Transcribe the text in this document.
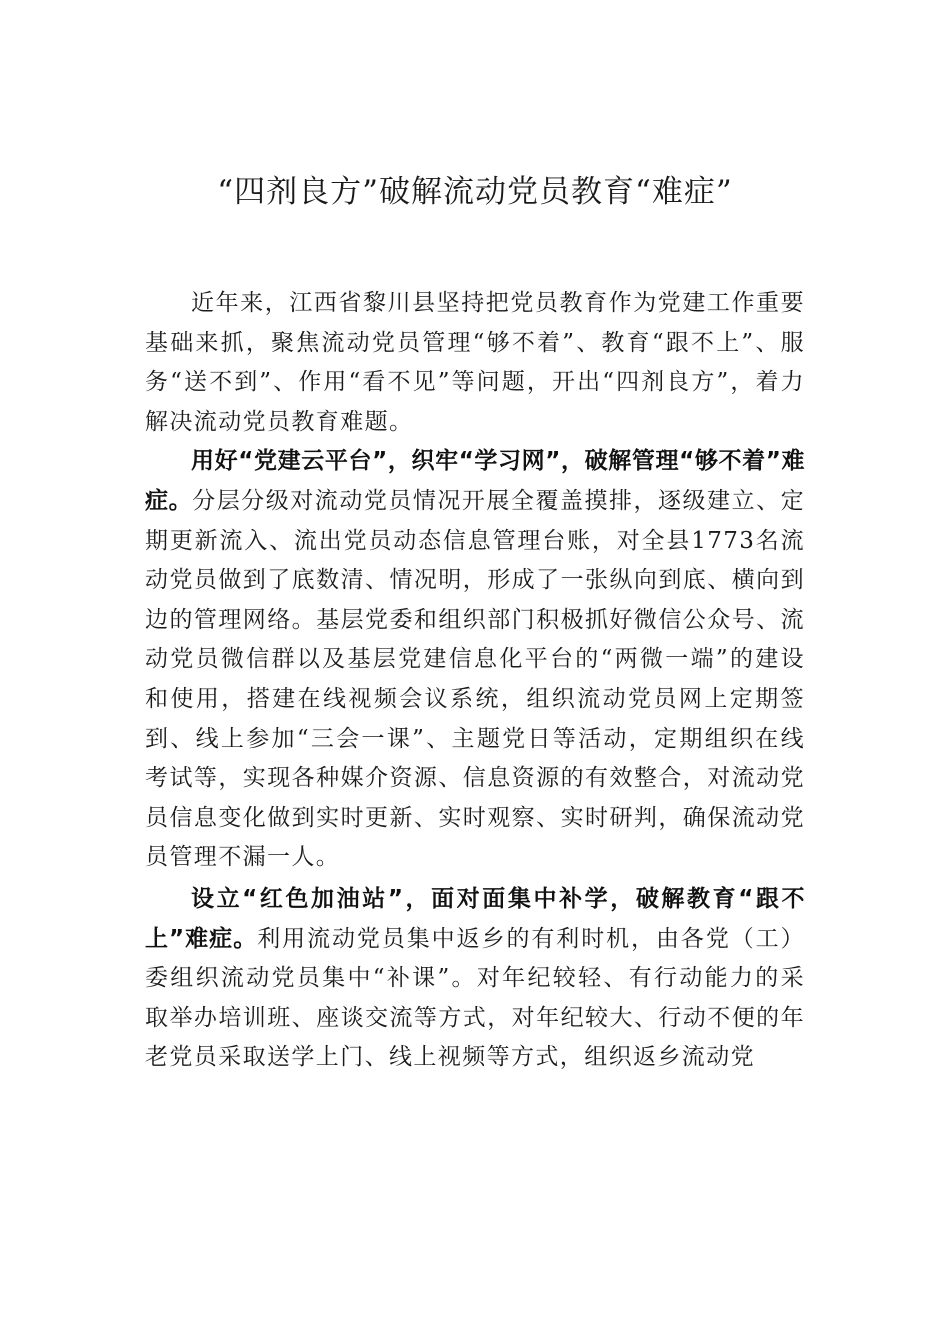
“四剂良方”破解流动党员教育“难症”

近年来，江西省黎川县坚持把党员教育作为党建工作重要基础来抓，聚焦流动党员管理“够不着”、教育“跟不上”、服务“送不到”、作用“看不见”等问题，开出“四剂良方”，着力解决流动党员教育难题。

用好“党建云平台”，织牢“学习网”，破解管理“够不着”难症。分层分级对流动党员情况开展全覆盖摸排，逐级建立、定期更新流入、流出党员动态信息管理台账，对全县1773名流动党员做到了底数清、情况明，形成了一张纵向到底、横向到边的管理网络。基层党委和组织部门积极抓好微信公众号、流动党员微信群以及基层党建信息化平台的“两微一端”的建设和使用，搭建在线视频会议系统，组织流动党员网上定期签到、线上参加“三会一课”、主题党日等活动，定期组织在线考试等，实现各种媒介资源、信息资源的有效整合，对流动党员信息变化做到实时更新、实时观察、实时研判，确保流动党员管理不漏一人。

设立“红色加油站”，面对面集中补学，破解教育“跟不上”难症。利用流动党员集中返乡的有利时机，由各党（工）委组织流动党员集中“补课”。对年纪较轻、有行动能力的采取举办培训班、座谈交流等方式，对年纪较大、行动不便的年老党员采取送学上门、线上视频等方式，组织返乡流动党
